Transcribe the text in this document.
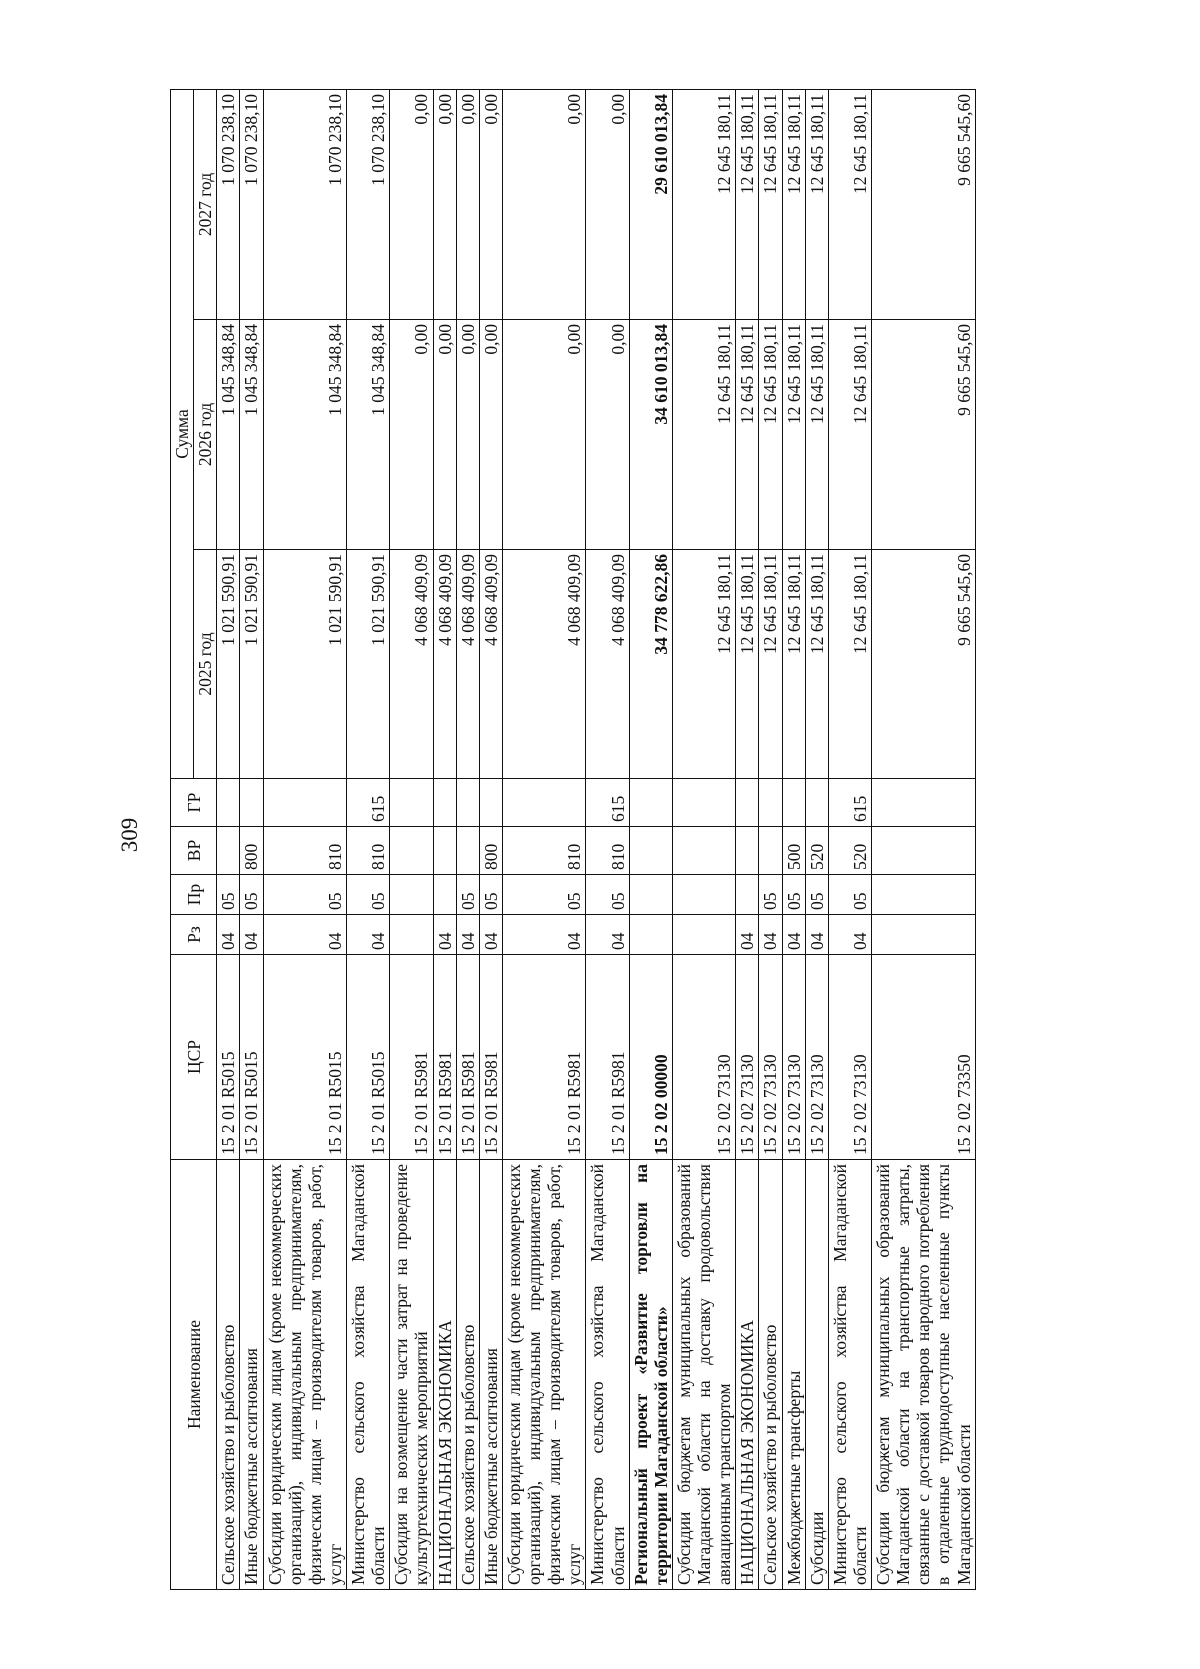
309
Наименование	ЦСР	Рз	Пр	ВР	ГР	Сумма		
						2025 год	2026 год	2027 год
Сельское хозяйство и рыболовство	15 2 01 R5015	04	05			1 021 590,91	1 045 348,84	1 070 238,10
Иные бюджетные ассигнования	15 2 01 R5015	04	05	800		1 021 590,91	1 045 348,84	1 070 238,10
Субсидии юридическим лицам (кроме некоммерческих организаций), индивидуальным предпринимателям, физическим лицам – производителям товаров, работ, услуг	15 2 01 R5015	04	05	810		1 021 590,91	1 045 348,84	1 070 238,10
Министерство сельского хозяйства Магаданской области	15 2 01 R5015	04	05	810	615	1 021 590,91	1 045 348,84	1 070 238,10
Субсидия на возмещение части затрат на проведение культуртехнических мероприятий	15 2 01 R5981					4 068 409,09	0,00	0,00
НАЦИОНАЛЬНАЯ ЭКОНОМИКА	15 2 01 R5981	04				4 068 409,09	0,00	0,00
Сельское хозяйство и рыболовство	15 2 01 R5981	04	05			4 068 409,09	0,00	0,00
Иные бюджетные ассигнования	15 2 01 R5981	04	05	800		4 068 409,09	0,00	0,00
Субсидии юридическим лицам (кроме некоммерческих организаций), индивидуальным предпринимателям, физическим лицам – производителям товаров, работ, услуг	15 2 01 R5981	04	05	810		4 068 409,09	0,00	0,00
Министерство сельского хозяйства Магаданской области	15 2 01 R5981	04	05	810	615	4 068 409,09	0,00	0,00
Региональный проект «Развитие торговли на территории Магаданской области»	15 2 02 00000					34 778 622,86	34 610 013,84	29 610 013,84
Субсидии бюджетам муниципальных образований Магаданской области на доставку продовольствия авиационным транспортом	15 2 02 73130					12 645 180,11	12 645 180,11	12 645 180,11
НАЦИОНАЛЬНАЯ ЭКОНОМИКА	15 2 02 73130	04				12 645 180,11	12 645 180,11	12 645 180,11
Сельское хозяйство и рыболовство	15 2 02 73130	04	05			12 645 180,11	12 645 180,11	12 645 180,11
Межбюджетные трансферты	15 2 02 73130	04	05	500		12 645 180,11	12 645 180,11	12 645 180,11
Субсидии	15 2 02 73130	04	05	520		12 645 180,11	12 645 180,11	12 645 180,11
Министерство сельского хозяйства Магаданской области	15 2 02 73130	04	05	520	615	12 645 180,11	12 645 180,11	12 645 180,11
Субсидии бюджетам муниципальных образований Магаданской области на транспортные затраты, связанные с доставкой товаров народного потребления в отдаленные труднодоступные населенные пункты Магаданской области	15 2 02 73350					9 665 545,60	9 665 545,60	9 665 545,60
